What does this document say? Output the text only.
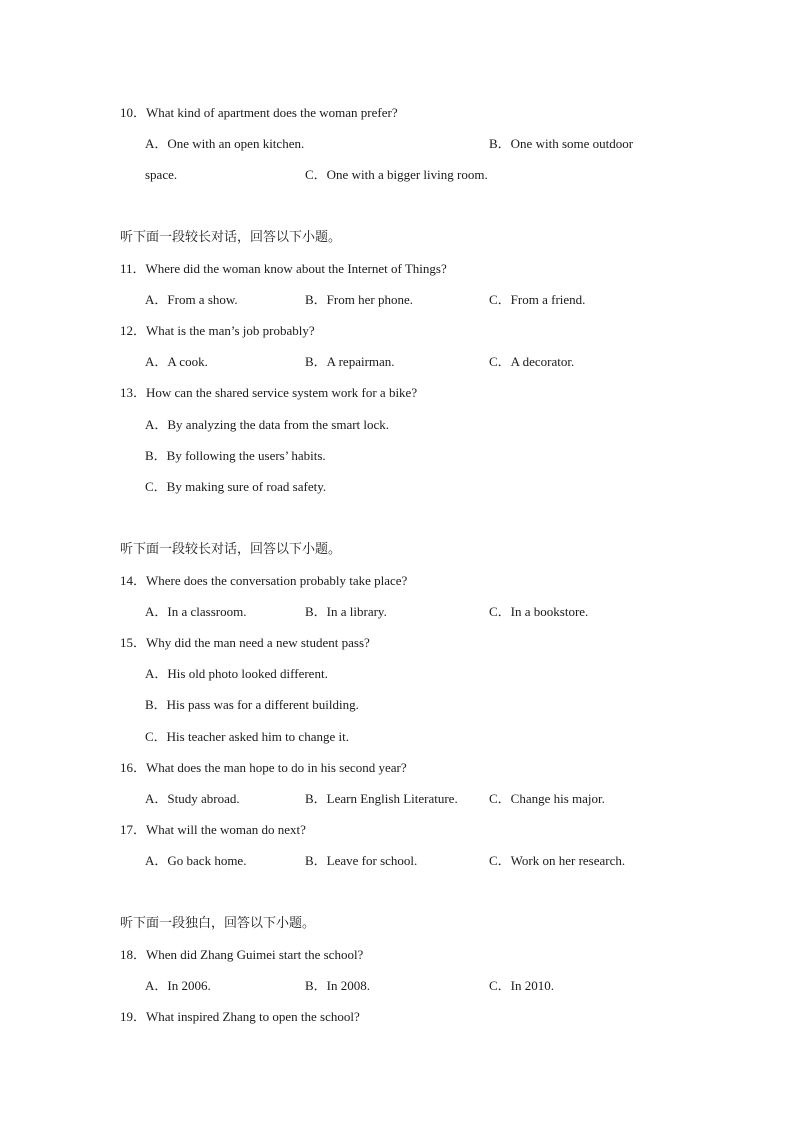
10．What kind of apartment does the woman prefer?
A．One with an open kitchen.	B．One with some outdoor
space.	C．One with a bigger living room.
听下面一段较长对话，回答以下小题。
11．Where did the woman know about the Internet of Things?
A．From a show.	B．From her phone.	C．From a friend.
12．What is the man’s job probably?
A．A cook.	B．A repairman.	C．A decorator.
13．How can the shared service system work for a bike?
A．By analyzing the data from the smart lock.
B．By following the users’ habits.
C．By making sure of road safety.
听下面一段较长对话，回答以下小题。
14．Where does the conversation probably take place?
A．In a classroom.	B．In a library.	C．In a bookstore.
15．Why did the man need a new student pass?
A．His old photo looked different.
B．His pass was for a different building.
C．His teacher asked him to change it.
16．What does the man hope to do in his second year?
A．Study abroad.	B．Learn English Literature. C．Change his major.
17．What will the woman do next?
A．Go back home.	B．Leave for school.	C．Work on her research.
听下面一段独白，回答以下小题。
18．When did Zhang Guimei start the school?
A．In 2006.	B．In 2008.	C．In 2010.
19．What inspired Zhang to open the school?
